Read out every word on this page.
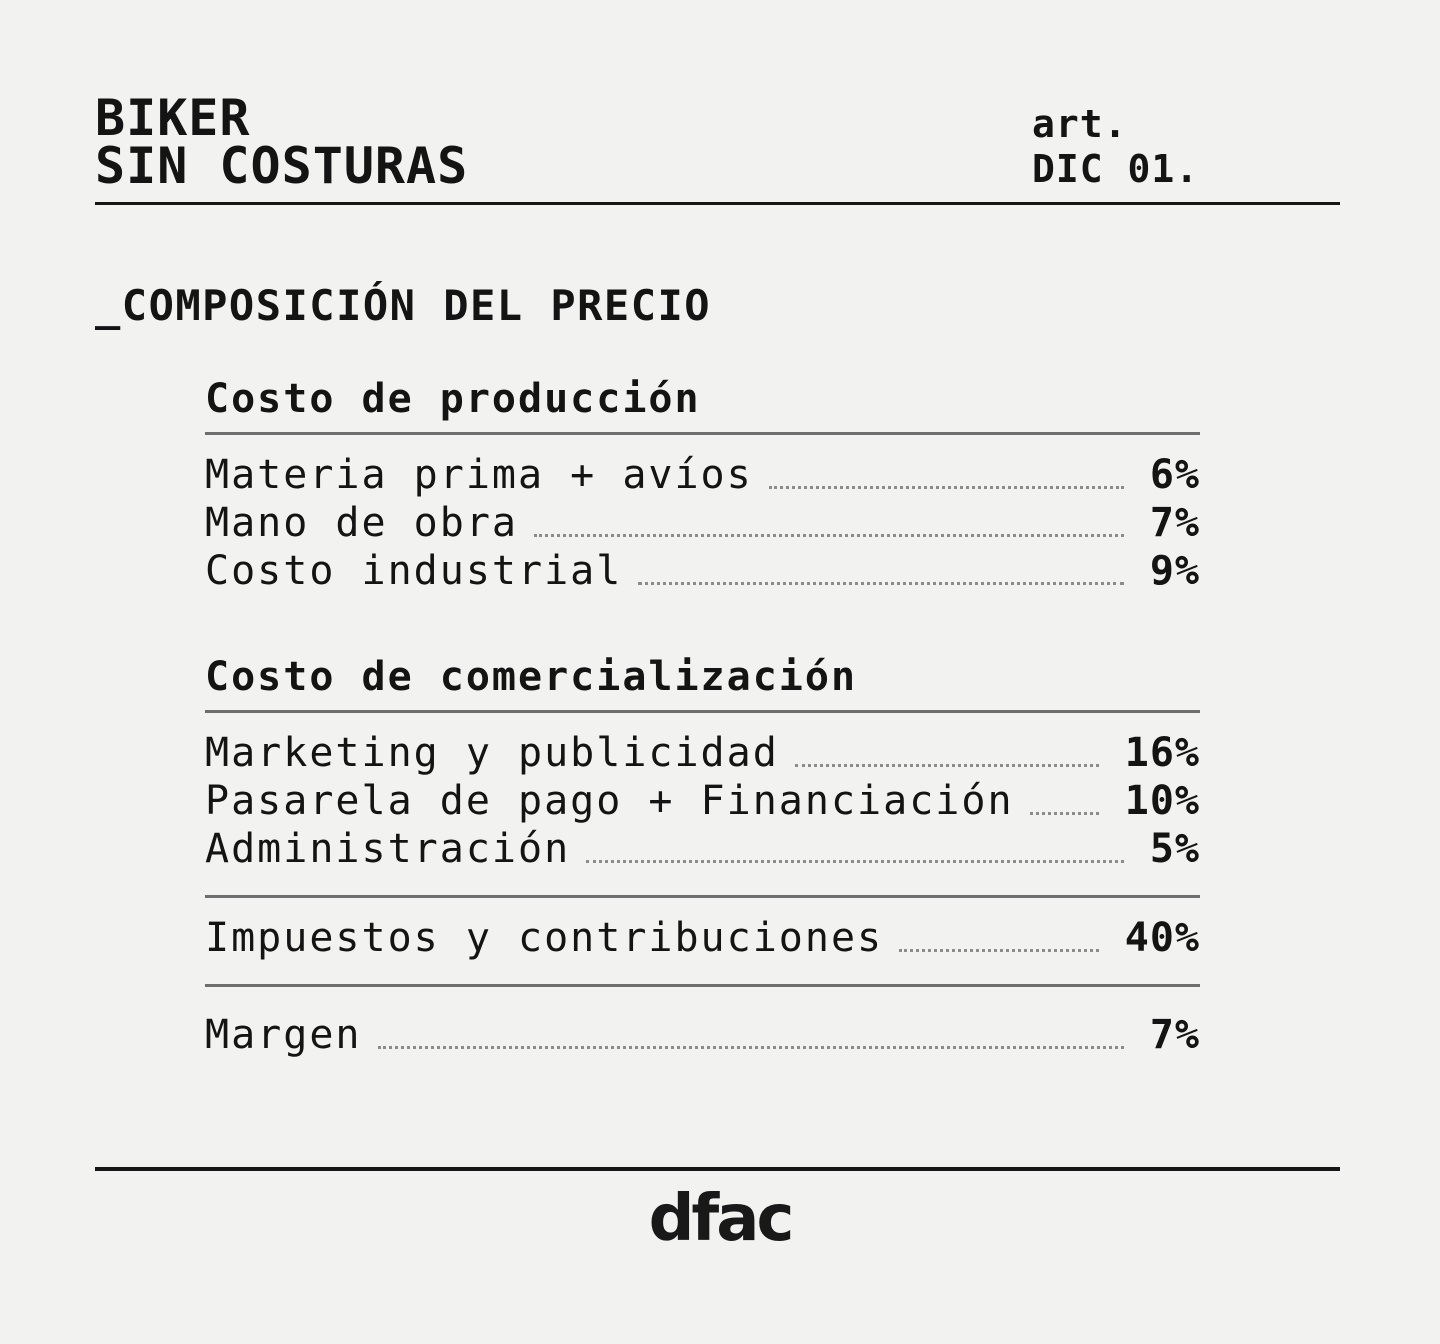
BIKER
SIN COSTURAS
art.
DIC 01.
_COMPOSICIÓN DEL PRECIO
Costo de producción
Materia prima + avíos	6%
Mano de obra	7%
Costo industrial	9%
Costo de comercialización
Marketing y publicidad	16%
Pasarela de pago + Financiación	10%
Administración	5%
Impuestos y contribuciones	40%
Margen	7%
dfac
